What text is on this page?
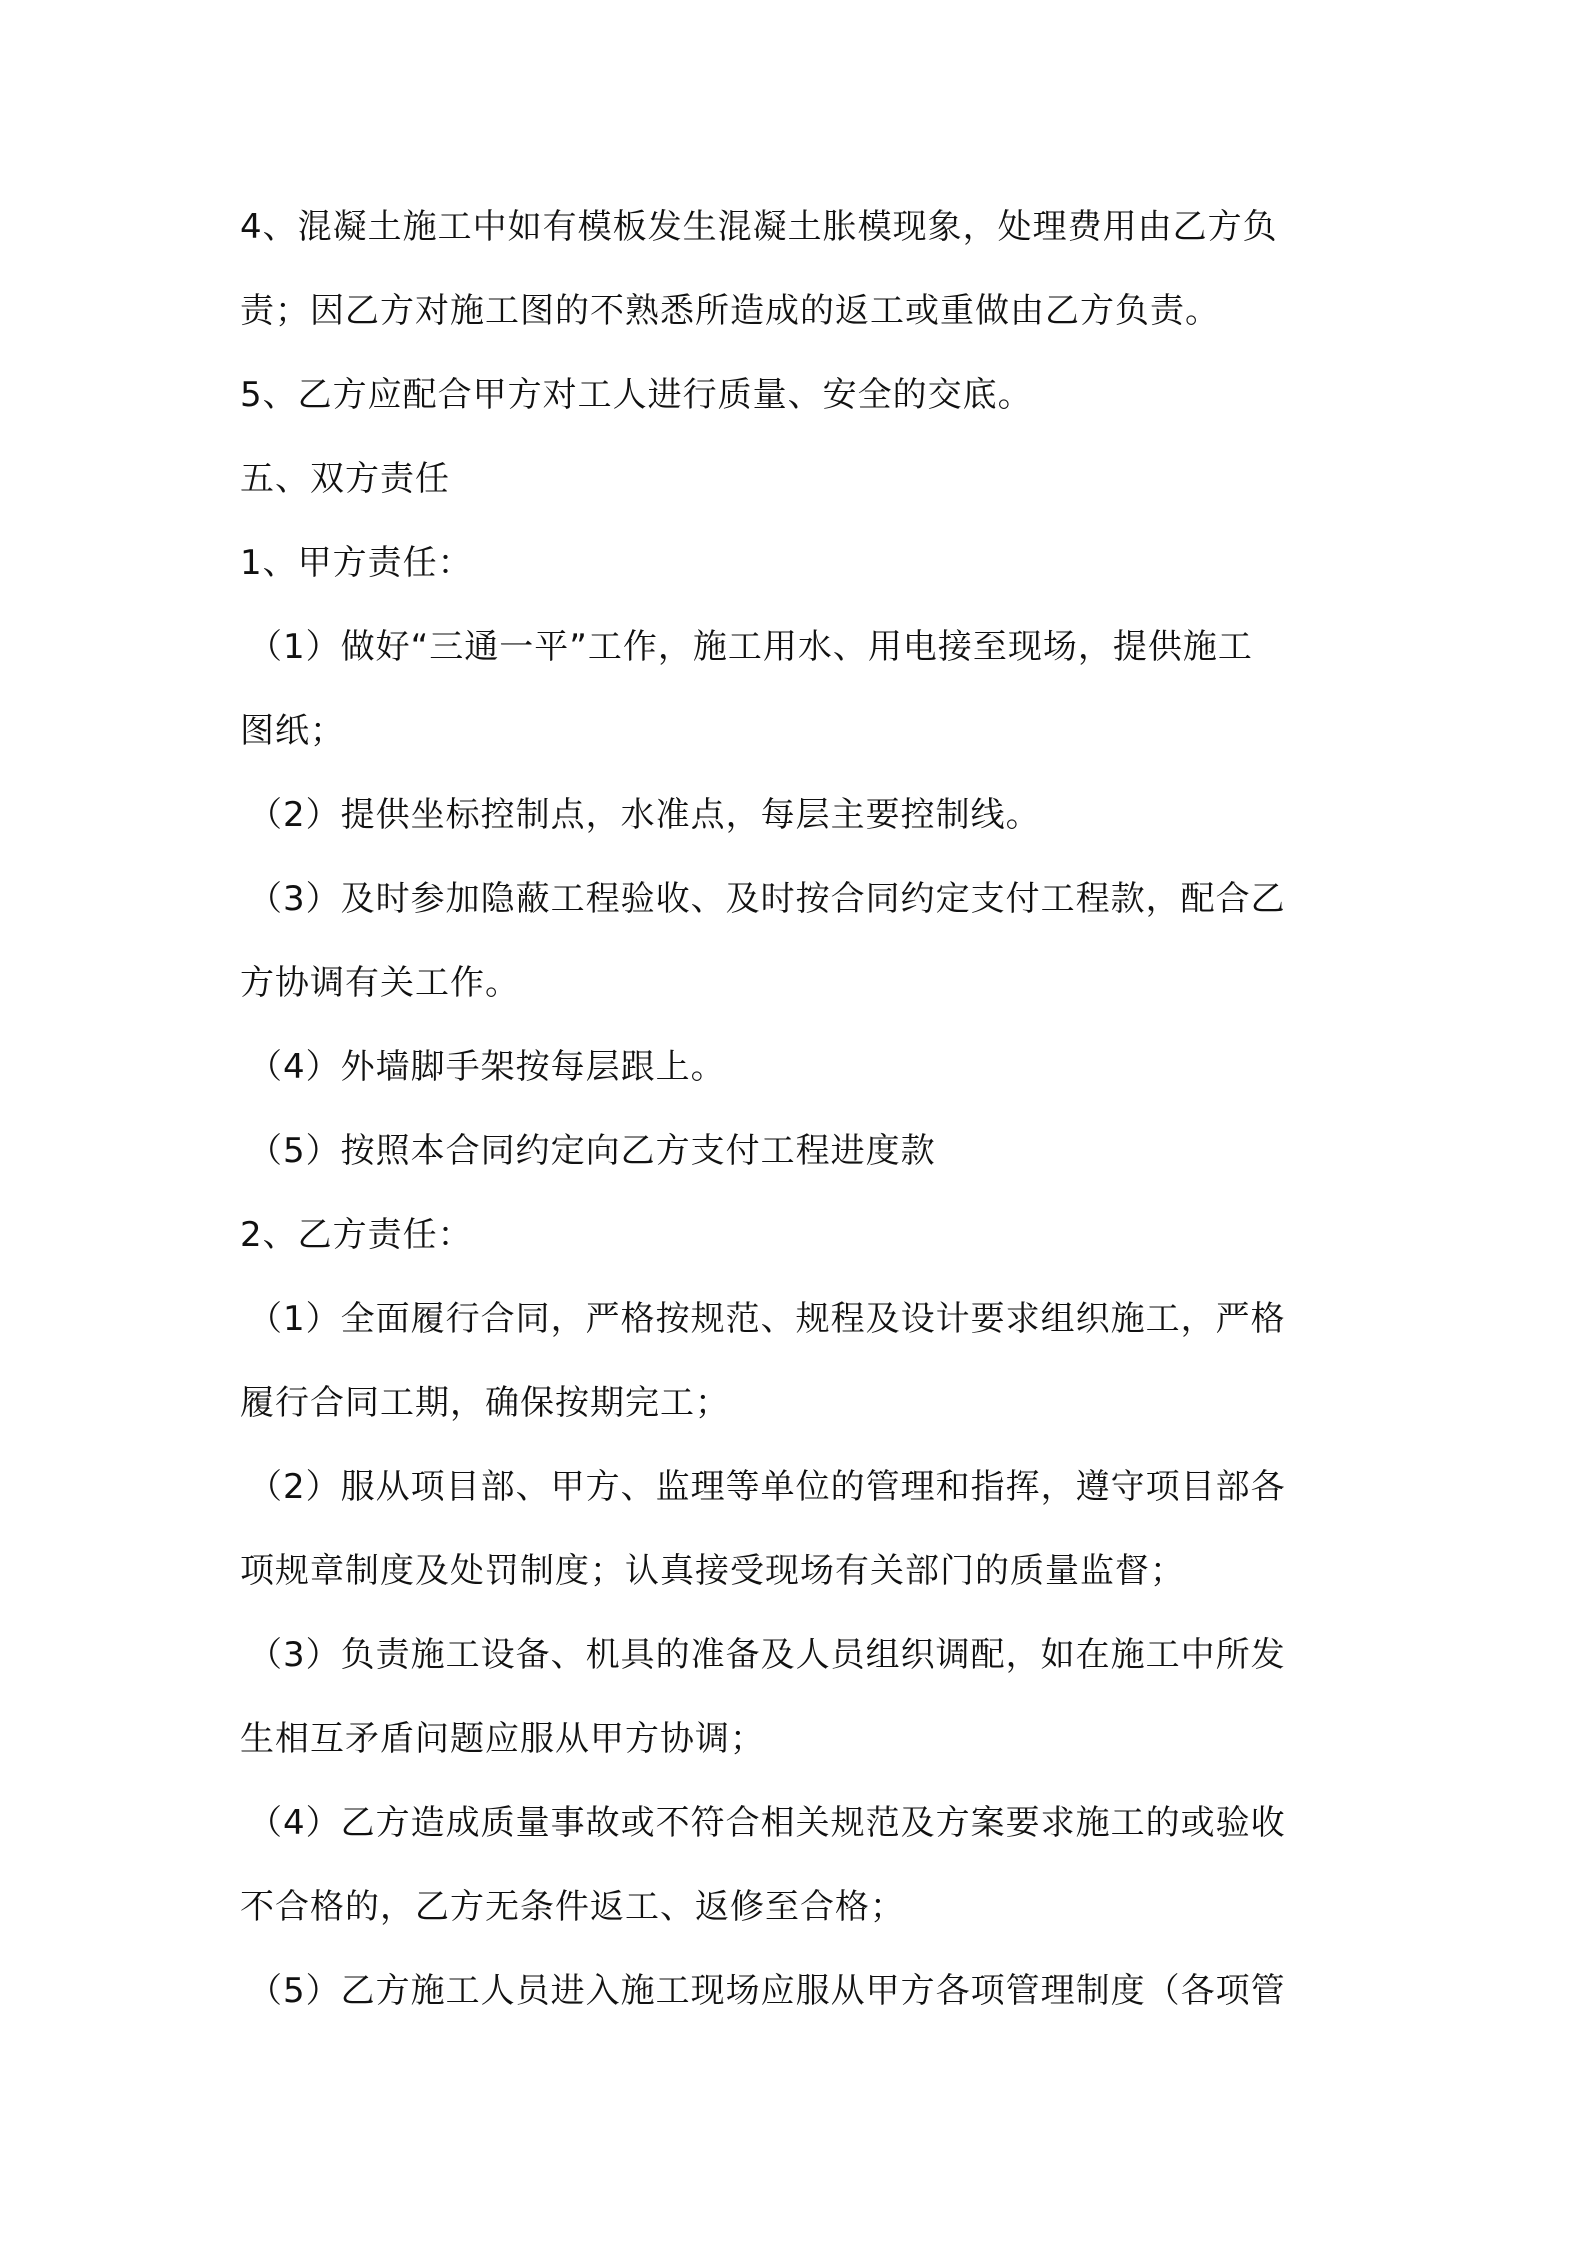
4、混凝土施工中如有模板发生混凝土胀模现象，处理费用由乙方负
责；因乙方对施工图的不熟悉所造成的返工或重做由乙方负责。
5、乙方应配合甲方对工人进行质量、安全的交底。
五、双方责任
1、甲方责任：
（1）做好“三通一平”工作，施工用水、用电接至现场，提供施工
图纸；
（2）提供坐标控制点，水准点，每层主要控制线。
（3）及时参加隐蔽工程验收、及时按合同约定支付工程款，配合乙
方协调有关工作。
（4）外墙脚手架按每层跟上。
（5）按照本合同约定向乙方支付工程进度款
2、乙方责任：
（1）全面履行合同，严格按规范、规程及设计要求组织施工，严格
履行合同工期，确保按期完工；
（2）服从项目部、甲方、监理等单位的管理和指挥，遵守项目部各
项规章制度及处罚制度；认真接受现场有关部门的质量监督；
（3）负责施工设备、机具的准备及人员组织调配，如在施工中所发
生相互矛盾问题应服从甲方协调；
（4）乙方造成质量事故或不符合相关规范及方案要求施工的或验收
不合格的，乙方无条件返工、返修至合格；
（5）乙方施工人员进入施工现场应服从甲方各项管理制度（各项管
